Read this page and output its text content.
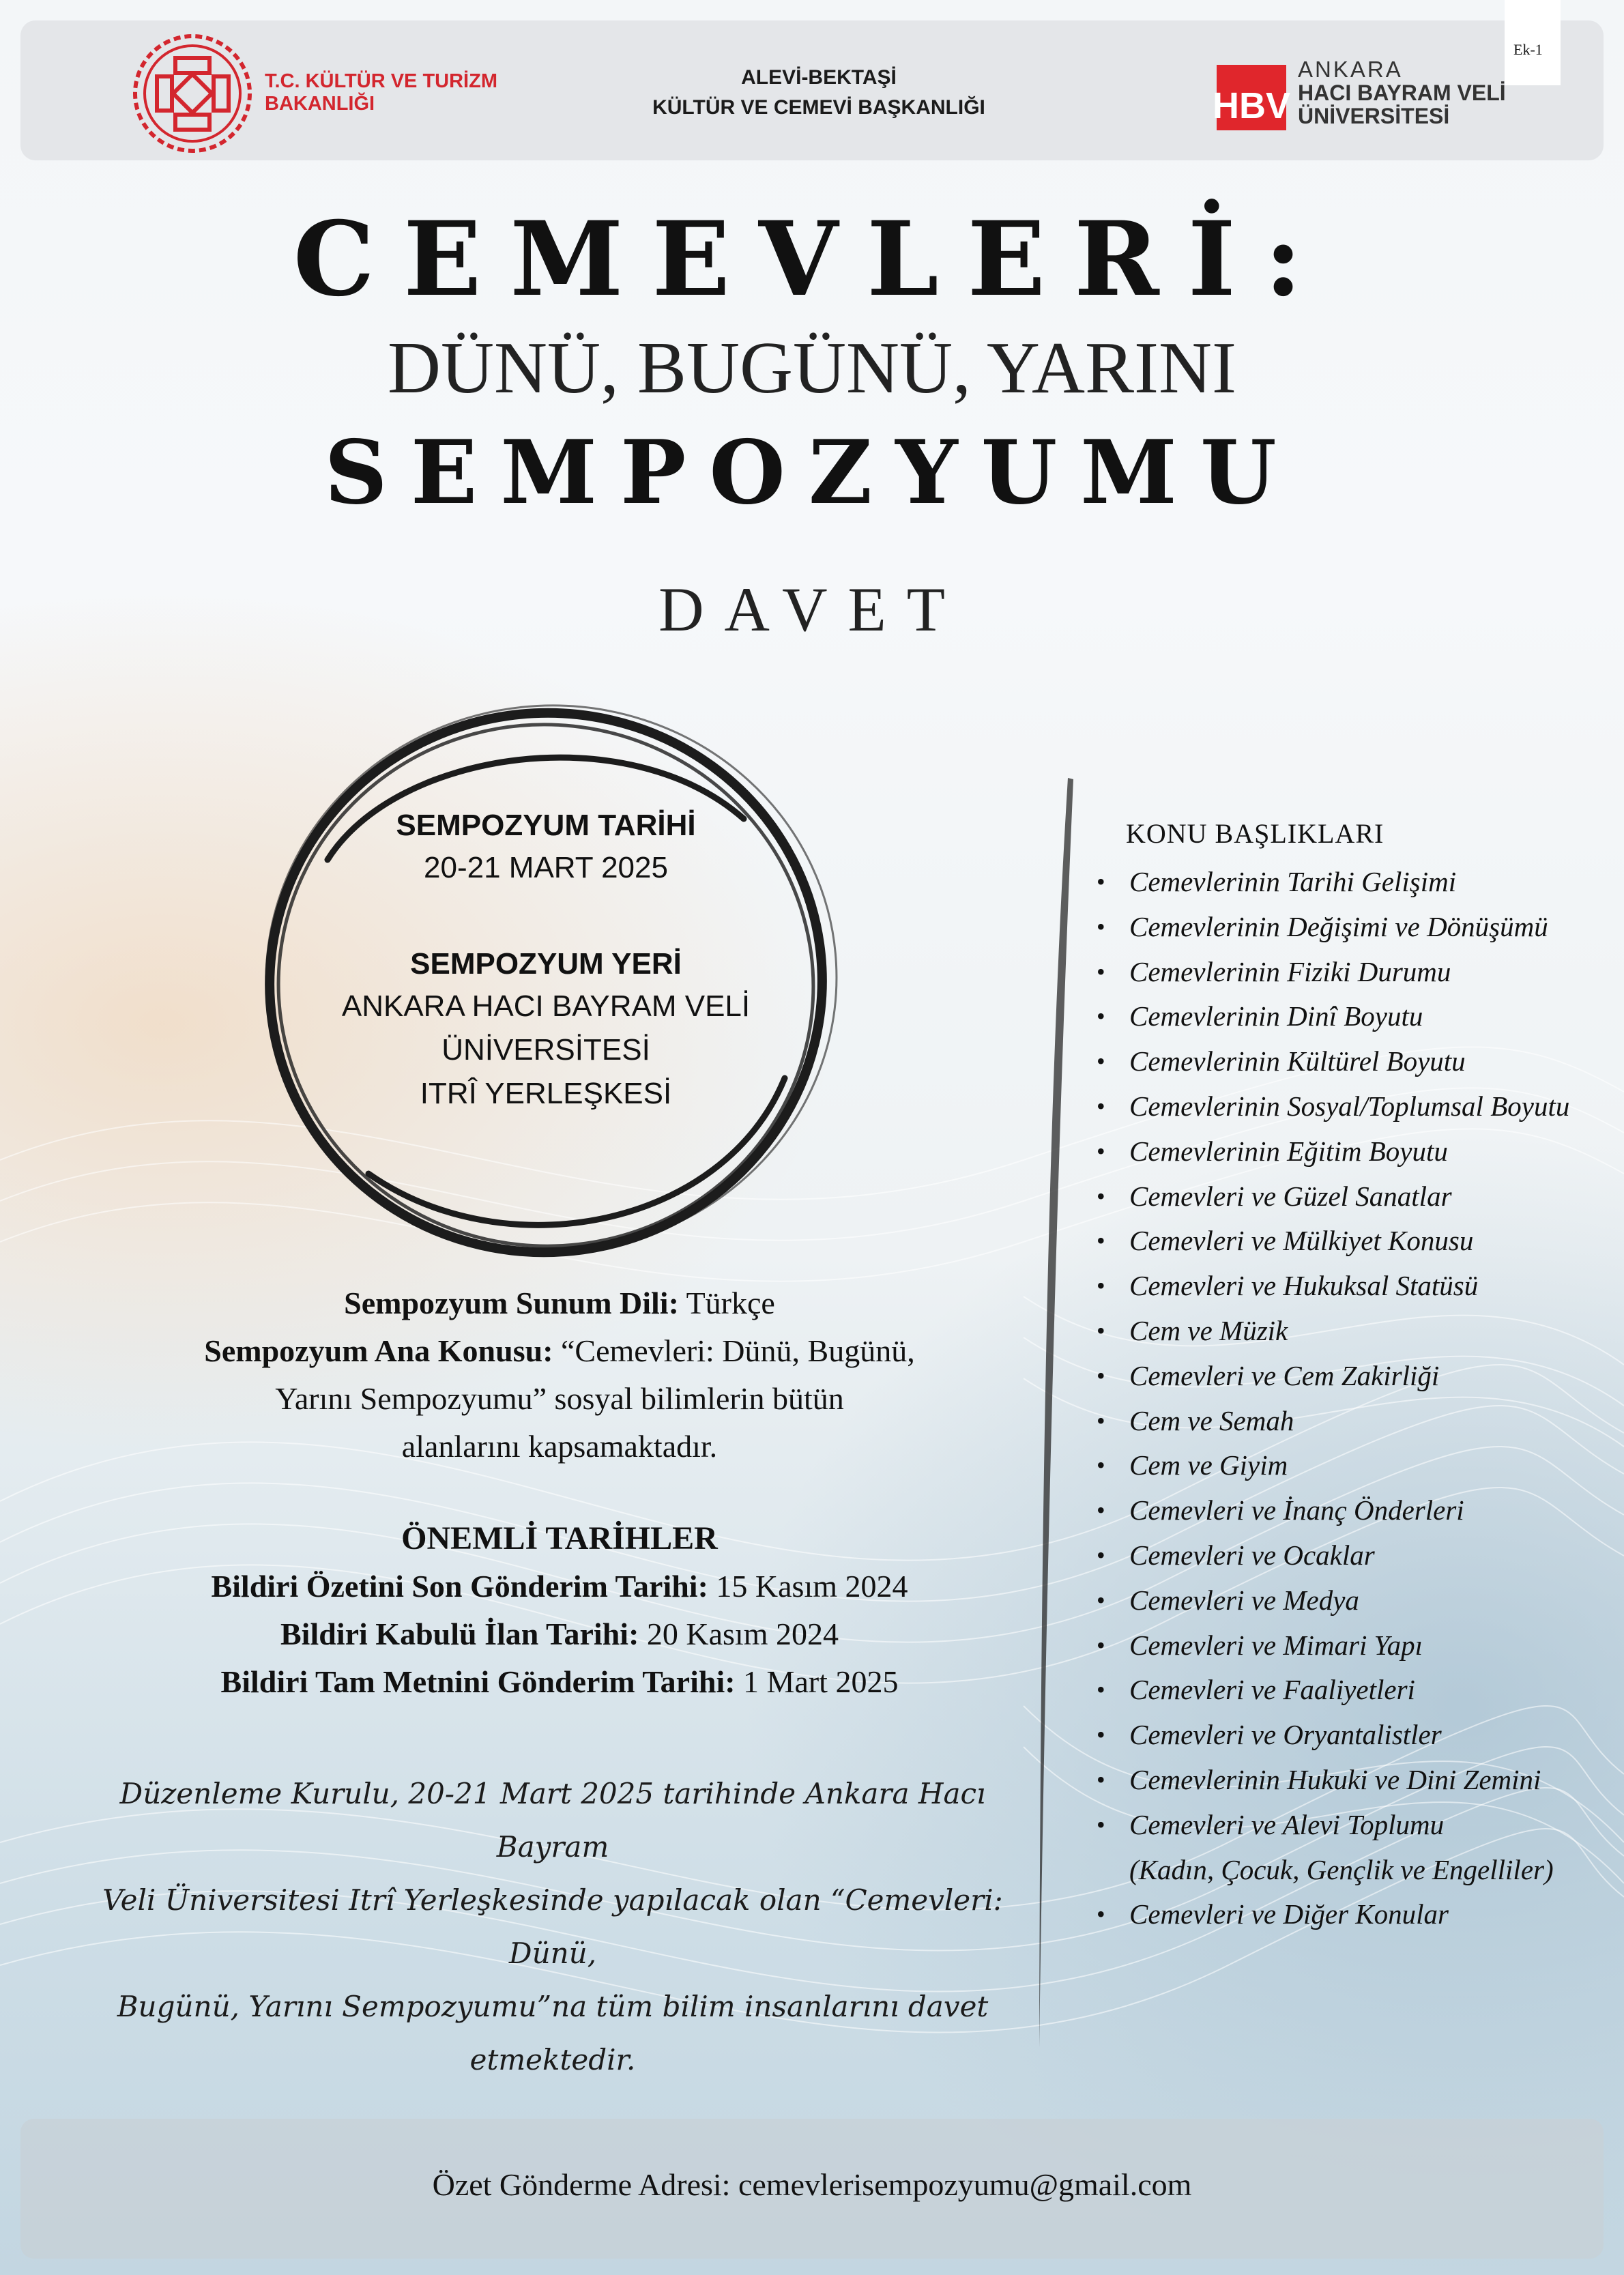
Ek-1
T.C. KÜLTÜR VE TURİZM
BAKANLIĞI
ALEVİ-BEKTAŞİ
KÜLTÜR VE CEMEVİ BAŞKANLIĞI	HBV
ANKARA
HACI BAYRAM VELİ
ÜNİVERSİTESİ
CEMEVLERİ:
DÜNÜ, BUGÜNÜ, YARINI
SEMPOZYUMU
DAVET
SEMPOZYUM TARİHİ
20-21 MART 2025
SEMPOZYUM YERİ
ANKARA HACI BAYRAM VELİ
ÜNİVERSİTESİ
ITRÎ YERLEŞKESİ
Sempozyum Sunum Dili: Türkçe
Sempozyum Ana Konusu: “Cemevleri: Dünü, Bugünü,
Yarını Sempozyumu” sosyal bilimlerin bütün
alanlarını kapsamaktadır.
ÖNEMLİ TARİHLER
Bildiri Özetini Son Gönderim Tarihi: 15 Kasım 2024
Bildiri Kabulü İlan Tarihi: 20 Kasım 2024
Bildiri Tam Metnini Gönderim Tarihi: 1 Mart 2025
Düzenleme Kurulu, 20-21 Mart 2025 tarihinde Ankara Hacı Bayram
Veli Üniversitesi Itrî Yerleşkesinde yapılacak olan “Cemevleri: Dünü,
Bugünü, Yarını Sempozyumu”na tüm bilim insanlarını davet
etmektedir.
KONU BAŞLIKLARI
• Cemevlerinin Tarihi Gelişimi
• Cemevlerinin Değişimi ve Dönüşümü
• Cemevlerinin Fiziki Durumu
• Cemevlerinin Dinî Boyutu
• Cemevlerinin Kültürel Boyutu
• Cemevlerinin Sosyal/Toplumsal Boyutu
• Cemevlerinin Eğitim Boyutu
• Cemevleri ve Güzel Sanatlar
• Cemevleri ve Mülkiyet Konusu
• Cemevleri ve Hukuksal Statüsü
• Cem ve Müzik
• Cemevleri ve Cem Zakirliği
• Cem ve Semah
• Cem ve Giyim
• Cemevleri ve İnanç Önderleri
• Cemevleri ve Ocaklar
• Cemevleri ve Medya
• Cemevleri ve Mimari Yapı
• Cemevleri ve Faaliyetleri
• Cemevleri ve Oryantalistler
• Cemevlerinin Hukuki ve Dini Zemini
• Cemevleri ve Alevi Toplumu
(Kadın, Çocuk, Gençlik ve Engelliler)
• Cemevleri ve Diğer Konular
Özet Gönderme Adresi: cemevlerisempozyumu@gmail.com
